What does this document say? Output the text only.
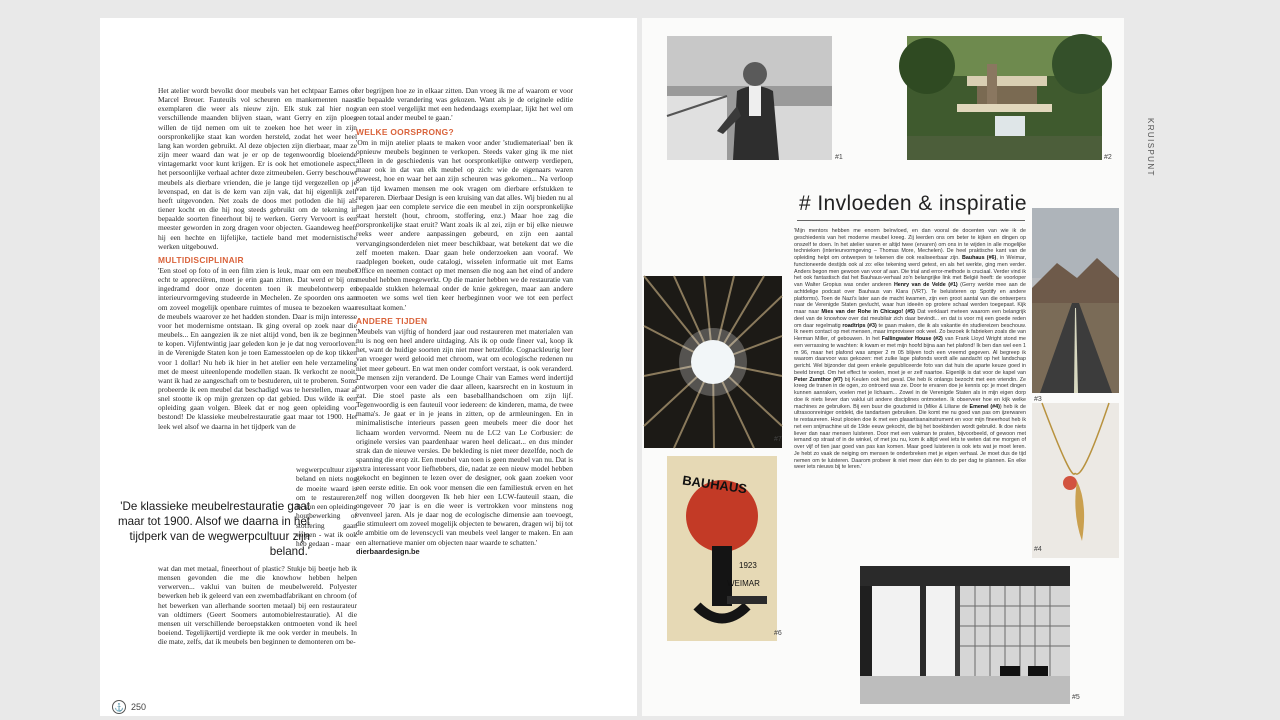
Het atelier wordt bevolkt door meubels van het echtpaar Eames of Marcel Breuer. Fauteuils vol scheuren en mankementen naast exemplaren die weer als nieuw zijn. Elk stuk zal hier nog verschillende maanden blijven staan, want Gerry en zijn ploeg willen de tijd nemen om uit te zoeken hoe het weer in zijn oorspronkelijke staat kan worden hersteld, zodat het weer heel lang kan worden gebruikt. Al deze objecten zijn dierbaar, maar ze zijn meer waard dan wat je er op de tegenwoordig bloeiende vintagemarkt voor kunt krijgen. Er is ook het emotionele aspect, het persoonlijke verhaal achter deze zitmeubelen. Gerry beschouwt meubels als dierbare vrienden, die je lange tijd vergezellen op je levenspad, en dat is de kern van zijn vak, dat hij eigenlijk zelf heeft uitgevonden. Net zoals de doos met potloden die hij als tiener kocht en die hij nog steeds gebruikt om de tekening in bepaalde soorten fineerhout bij te werken. Gerry Vervoort is een meester geworden in zorg dragen voor objecten. Gaandeweg heeft hij een hechte en lijfelijke, tactiele band met modernistische werken uitgebouwd.

MULTIDISCIPLINAIR

'Een stoel op foto of in een film zien is leuk, maar om een meubel echt te appreciëren, moet je erin gaan zitten. Dat werd er bij ons ingedramd door onze docenten toen ik meubelontwerp en interieurvormgeving studeerde in Mechelen. Ze spoorden ons aan om zoveel mogelijk openbare ruimtes of musea te bezoeken waar de meubels waarover ze het hadden stonden. Daar is mijn interesse voor het modernisme ontstaan. Ik ging overal op zoek naar die meubels... En aangezien ik ze niet altijd vond, ben ik ze beginnen te kopen. Vijfentwintig jaar geleden kon je je dat nog veroorloven: in de Verenigde Staten kon je toen Eamesstoelen op de kop tikken voor 1 dollar! Nu heb ik hier in het atelier een hele verzameling met de meest uiteenlopende modellen staan. Ik verkocht ze nooit, want ik had ze aangeschaft om te bestuderen, uit te proberen. Soms probeerde ik een meubel dat beschadigd was te herstellen, maar al snel stootte ik op mijn grenzen op dat gebied. Dus wilde ik een opleiding gaan volgen. Bleek dat er nog geen opleiding voor bestond! De klassieke meubelrestauratie gaat maar tot 1900. Het leek wel alsof we daarna in het tijdperk van de

wegwerpcultuur zijn beland en niets nog de moeite waard is om te restaureren. Ik kon een opleiding houtbewerking of stoffering gaan volgen - wat ik ook heb gedaan - maar

'De klassieke meubelrestauratie gaat maar tot 1900. Alsof we daarna in het tijdperk van de wegwerpcultuur zijn beland.'

wat dan met metaal, fineerhout of plastic? Stukje bij beetje heb ik mensen gevonden die me die knowhow hebben helpen verwerven... vaklui van buiten de meubelwereld. Polyester bewerken heb ik geleerd van een zwembadfabrikant en chroom (of het bewerken van allerhande soorten metaal) bij een restaurateur van oldtimers (Geert Soomers automobielrestauratie). Al die mensen uit verschillende beroepstakken ontmoeten vond ik heel boeiend. Tegelijkertijd verdiepte ik me ook verder in meubels. In die mate, zelfs, dat ik meubels ben beginnen te demonteren om be-

ter begrijpen hoe ze in elkaar zitten. Dan vroeg ik me af waarom er voor die bepaalde verandering was gekozen. Want als je de originele editie van een stoel vergelijkt met een hedendaags exemplaar, lijkt het wel om een totaal ander meubel te gaan.'

WELKE OORSPRONG?

'Om in mijn atelier plaats te maken voor ander 'studiemateriaal' ben ik opnieuw meubels beginnen te verkopen. Steeds vaker ging ik me niet alleen in de geschiedenis van het oorspronkelijke ontwerp verdiepen, maar ook in dat van elk meubel op zich: wie de eigenaars waren geweest, hoe en waar het aan zijn scheuren was gekomen... Na verloop van tijd kwamen mensen me ook vragen om dierbare erfstukken te repareren. Dierbaar Design is een kruising van dat alles. Wij bieden nu al negen jaar een complete service die een meubel in zijn oorspronkelijke staat herstelt (hout, chroom, stoffering, enz.) Maar hoe zag die oorspronkelijke staat eruit? Want zoals ik al zei, zijn er bij elke nieuwe reeks weer andere aanpassingen gebeurd, en zijn een aantal vervangingsonderdelen niet meer beschikbaar, wat betekent dat we die zelf moeten maken. Daar gaan hele onderzoeken aan vooraf. We raadplegen boeken, oude catalogi, wisselen informatie uit met Eams Office en neemen contact op met mensen die nog aan het eind of andere meubel hebben meegewerkt. Op die manier hebben we de restauratie van bepaalde stukken helemaal onder de knie gekregen, maar aan andere moeten we soms wel tien keer herbeginnen voor we tot een perfect resultaat komen.'

ANDERE TIJDEN

'Meubels van vijftig of honderd jaar oud restaureren met materialen van nu is nog een heel andere uitdaging. Als ik op oude fineer val, koop ik het, want de huidige soorten zijn niet meer hetzelfde. Cognackleurig leer van vroeger werd gelooid met chroom, wat om ecologische redenen nu niet meer gebeurt. En wat men onder comfort verstaat, is ook veranderd. De mensen zijn veranderd. De Lounge Chair van Eames werd indertijd ontworpen voor een vader die daar alleen, kaarsrecht en in kostuum in zat. Die stoel paste als een baseballhandschoen om zijn lijf. Tegenwoordig is een fauteuil voor iedereen: de kinderen, mama, de twee mama's. Je gaat er in je jeans in zitten, op de armleuningen. En in minimalistische interieurs passen geen meubels meer die door het lichaam worden vervormd. Neem nu de LC2 van Le Corbusier: de originele versies van paardenhaar waren heel delicaat... en dus minder strak dan de nieuwe versies. De bekleding is niet meer dezelfde, noch de spanning die erop zit. Een meubel van toen is geen meubel van nu. Dat is extra interessant voor liefhebbers, die, nadat ze een nieuw model hebben gekocht en beginnen te lezen over de designer, ook gaan zoeken voor een eerste editie. En ook voor mensen die een familiestuk erven en het zelf nog willen doorgeven Ik heb hier een LCW-fauteuil staan, die ongeveer 70 jaar is en die weer is vertrokken voor minstens nog evenveel jaren. Als je daar nog de ecologische dimensie aan toevoegt, die stimuleert om zoveel mogelijk objecten te bewaren, dragen wij bij tot de ambitie om de levenscycli van meubels veel langer te maken. En aan een alternatieve manier om objecten naar waarde te schatten.'

dierbaardesign.be

⚓ 250
#1	#2	KRUISPUNT
# Invloeden & inspiratie
#3
#4
#7
BAUHAUS
WEIMAR
1923
#6
#5

'Mijn mentors hebben me enorm beïnvloed, en dan vooral de docenten van wie ik de geschiedenis van het moderne meubel kreeg. Zij leerden ons om beter te kijken en dingen op onszelf te doen. In het atelier waren er altijd twee (ervaren) om ons in te wijden in alle mogelijke technieken (interieurvormgeving – Thomas More, Mechelen). De heel praktische kant van de opleiding helpt om ontwerpen te tekenen die ook realiseerbaar zijn. Bauhaus (#6), in Weimar, functioneerde destijds ook al zo: elke tekening werd getest, en als het werkte, ging men verder. Anders begon men gewoon van voor af aan. Die trial and error-methode is cruciaal. Verder vind ik het ook fantastisch dat het Bauhaus-verhaal zo'n belangrijke link met België heeft: de voorloper van Walter Gropius was onder anderen Henry van de Velde (#1) (Gerry werkte mee aan de achtdelige podcast over Bauhaus van Klara (VRT). Te beluisteren op Spotify en andere platforms). Toen de Nazi's later aan de macht kwamen, zijn een groot aantal van die ontwerpers naar de Verenigde Staten gevlucht, waar hun ideeën op grotere schaal werden toegepast. Kijk maar naar Mies van der Rohe in Chicago! (#5) Dat verklaart meteen waarom een belangrijk deel van de knowhow over dat meubilair zich daar bevindt... en dat is voor mij een goede reden om daar regelmatig roadtrips (#3) te gaan maken, die ik als vakantie én studiereizen beschouw. Ik neem contact op met mensen, maar improviseer ook veel. Zo bezoek ik fabrieken zoals die van Herman Miller, of gebouwen. In het Fallingwater House (#2) van Frank Lloyd Wright stond me een verrassing te wachten: ik kwam er met mijn hoofd bijna aan het plafond! Ik ben dan wel een 1 m 96, maar het plafond was amper 2 m 05 blijven toch een vreemd gegeven. Al begreep ik waarom daarvoor was gekozen: met zulke lage plafonds wordt alle aandacht op het landschap gericht. Wel bijzonder dat geen enkele gepubliceerde foto van dat huis die aparte keuze goed in beeld brengt. Om het effect te voelen, moet je er zelf naartoe. Eigenlijk is dat voor de kapel van Peter Zumthor (#7) bij Keulen ook het geval. Die heb ik onlangs bezocht met een vriendin. Ze kreeg de tranen in de ogen, zo ontroerd was ze. Door te ervaren doe je kennis op: je moet dingen kunnen aanraken, voelen met je lichaam... Zowel in de Verenigde Staten als in mijn eigen dorp doe ik niets liever dan vaklui uit andere disciplines ontmoeten. Ik observeer hoe en kijk welke machines ze gebruiken. Bij een buur die goudsmid is (Mike & Liliane de Emenel (#4)) heb ik de ultrasoonreiniger ontdekt, die tandartsen gebruiken. Die komt me nu goed van pas om ijzerwaren te restaureren. Hout plooien doe ik met een glasartisanainstrument en voor mijn fineerhout heb ik net een snijmachine uit de 19de eeuw gekocht, die bij het boekbinden wordt gebruikt. Ik doe niets liever dan naar mensen luisteren. Door met een vakman te praten, bijvoorbeeld, of gewoon met iemand op straat of in de winkel, of met jou nu, kom ik altijd veel iets te weten dat me morgen of over vijf of tien jaar goed van pas kan komen. Maar goed luisteren is ook iets wat je moet leren. Je hebt zo vaak de neiging om mensen te onderbreken met je eigen verhaal. Je moet dus de tijd nemen om te luisteren. Daarom probeer ik niet meer dan één to do per dag te plannen. En elke weer iets nieuws bij te leren.'
